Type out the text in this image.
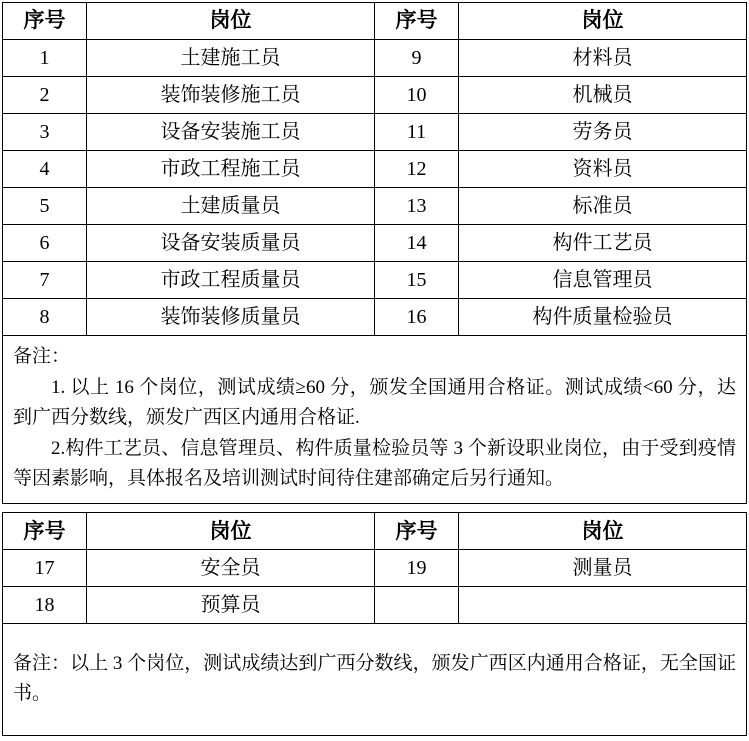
序号	岗位	序号	岗位
1	土建施工员	9	材料员
2	装饰装修施工员	10	机械员
3	设备安装施工员	11	劳务员
4	市政工程施工员	12	资料员
5	土建质量员	13	标准员
6	设备安装质量员	14	构件工艺员
7	市政工程质量员	15	信息管理员
8	装饰装修质量员	16	构件质量检验员

备注：

1. 以上 16 个岗位，测试成绩≥60 分，颁发全国通用合格证。测试成绩<60 分，达到广西分数线，颁发广西区内通用合格证.

2.构件工艺员、信息管理员、构件质量检验员等 3 个新设职业岗位，由于受到疫情等因素影响，具体报名及培训测试时间待住建部确定后另行通知。

序号	岗位	序号	岗位
17	安全员	19	测量员
18	预算员		

备注：以上 3 个岗位，测试成绩达到广西分数线，颁发广西区内通用合格证，无全国证书。
